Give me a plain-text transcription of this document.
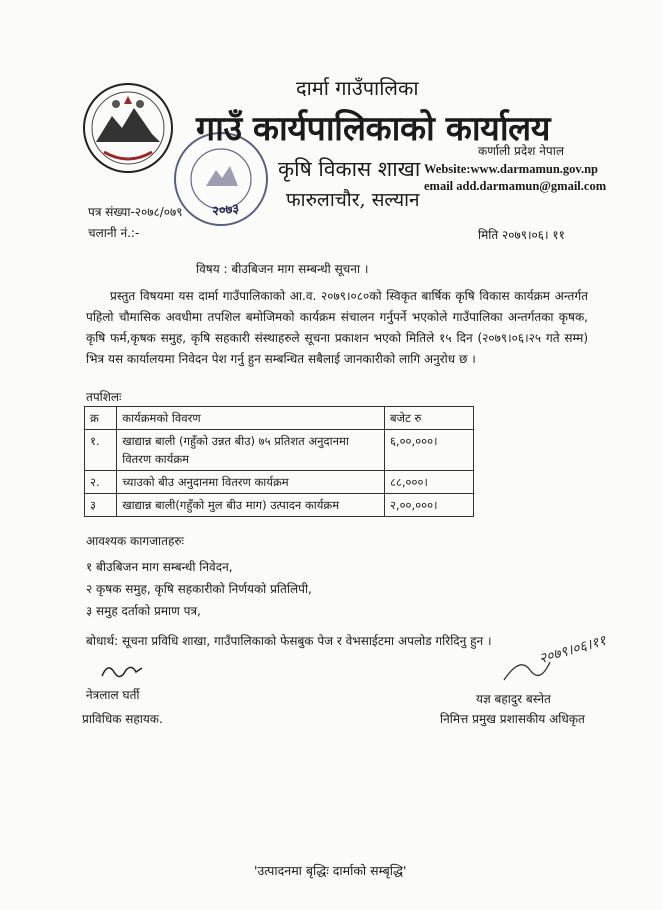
दार्मा गाउँपालिका
गाउँ कार्यपालिकाको कार्यालय
कृषि विकास शाखा
फारुलाचौर, सल्यान
कर्णाली प्रदेश नेपाल
Website:www.darmamun.gov.np
email add.darmamun@gmail.com
पत्र संख्या-२०७८/०७९ २०७३
चलानी नं.:-	मिति २०७९।०६। ११
विषय : बीउबिजन माग सम्बन्धी सूचना ।
प्रस्तुत विषयमा यस दार्मा गाउँपालिकाको आ.व. २०७९।०८०को स्विकृत बार्षिक कृषि विकास कार्यक्रम अन्तर्गत पहिलो चौमासिक अवधीमा तपशिल बमोजिमको कार्यक्रम संचालन गर्नुपर्ने भएकोले गाउँपालिका अन्तर्गतका कृषक, कृषि फर्म,कृषक समुह, कृषि सहकारी संस्थाहरुले सूचना प्रकाशन भएको मितिले १५ दिन (२०७९।०६।२५ गते सम्म) भित्र यस कार्यालयमा निवेदन पेश गर्नु हुन सम्बन्धित सबैलाई जानकारीको लागि अनुरोध छ ।
तपशिलः
क्र	कार्यक्रमको विवरण	बजेट रु
१.	खाद्यान्न बाली (गहुँको उन्नत बीउ) ७५ प्रतिशत अनुदानमा वितरण कार्यक्रम	६,००,०००।
२.	च्याउको बीउ अनुदानमा वितरण कार्यक्रम	८८,०००।
३	खाद्यान्न बाली(गहुँको मुल बीउ माग) उत्पादन कार्यक्रम	२,००,०००।
आवश्यक कागजातहरुः
१ बीउबिजन माग सम्बन्धी निवेदन,
२ कृषक समुह, कृषि सहकारीको निर्णयको प्रतिलिपी,
३ समुह दर्ताको प्रमाण पत्र,
बोधार्थ: सूचना प्रविधि शाखा, गाउँपालिकाको फेसबुक पेज र वेभसाईटमा अपलोड गरिदिनु हुन ।
नेत्रलाल घर्ती
प्राविधिक सहायक.
२०७९।०६।११
यज्ञ बहादुर बस्नेत
निमित्त प्रमुख प्रशासकीय अधिकृत
'उत्पादनमा बृद्धिः दार्माको सम्बृद्धि'
